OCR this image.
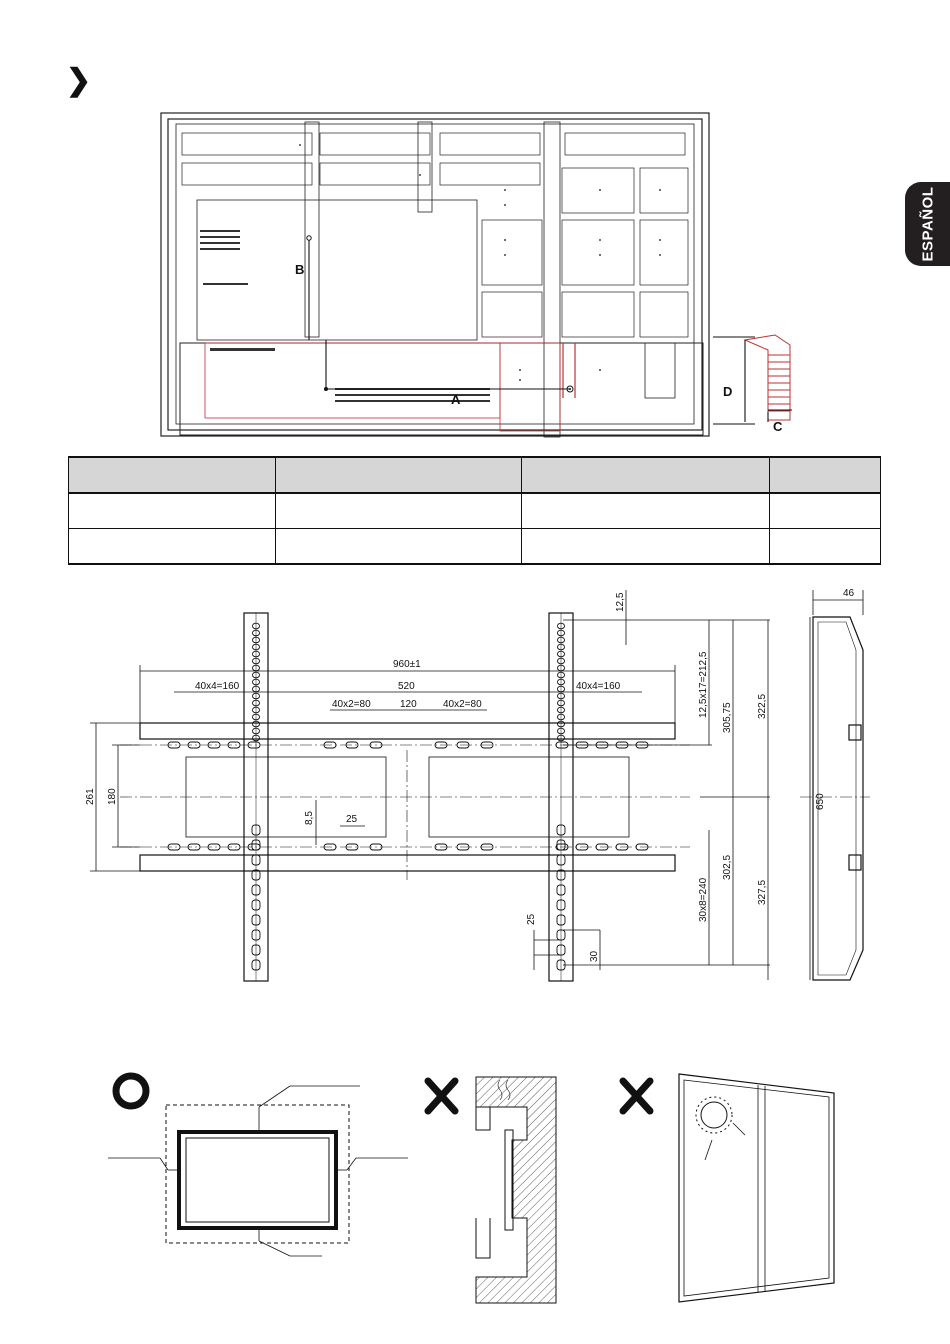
❯
ESPAÑOL
B
A
D
C

960±1
520
40x4=160	40x4=160
40x2=80	120	40x2=80
261 180
8,5	25
25
30
12,5
12,5x17=212,5 305,75 322,5
30x8=240
302,5
327,5
650
46
